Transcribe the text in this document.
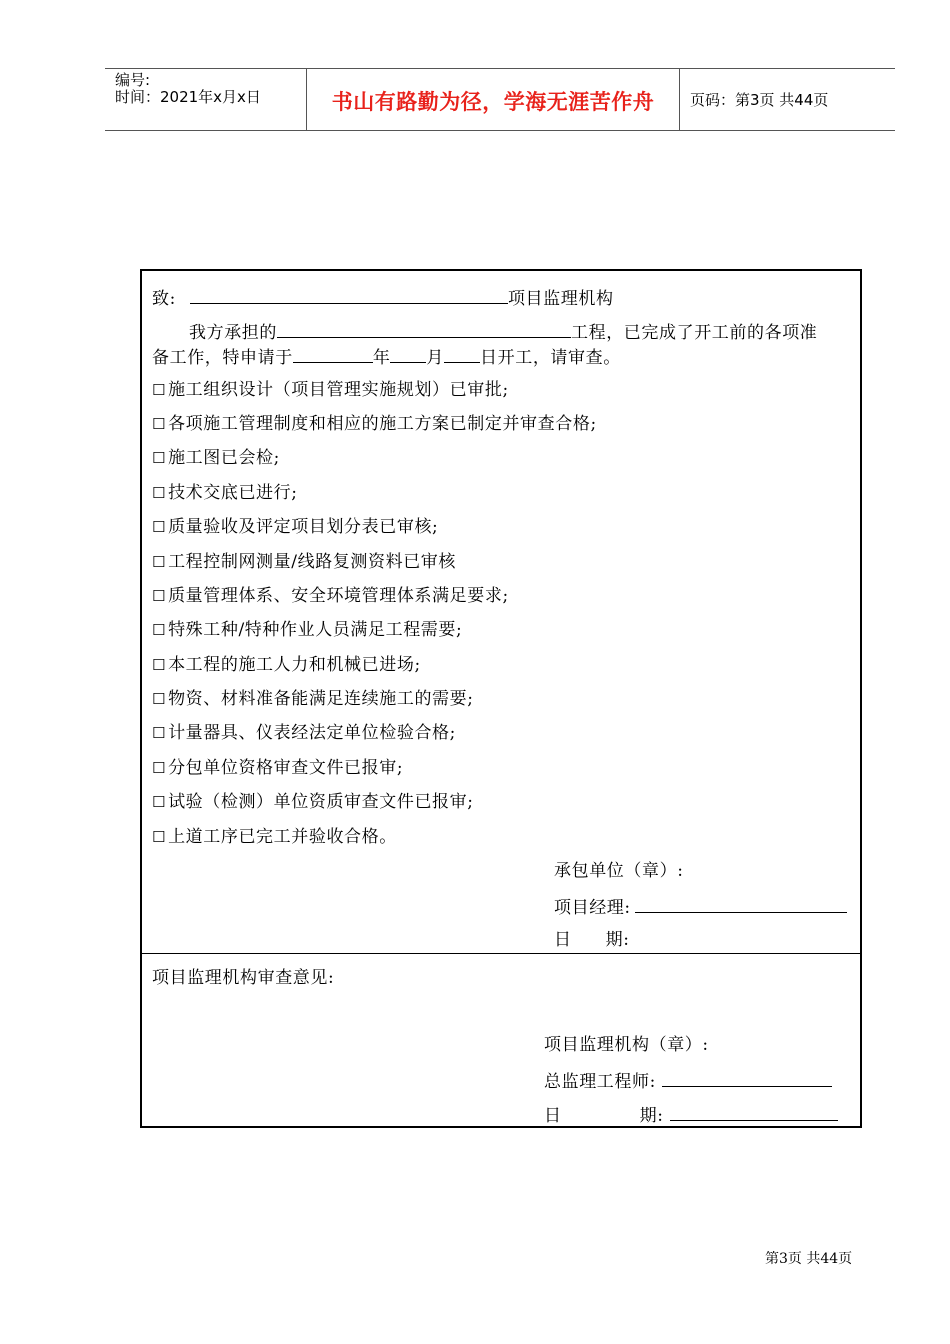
编号:
时间：2021年x月x日	书山有路勤为径，学海无涯苦作舟	页码：第3页 共44页
致:	项目监理机构
我方承担的	工程，已完成了开工前的各项准
备工作，特申请于	年 月 日开工，请审查。
☐ 施工组织设计（项目管理实施规划）已审批;
☐ 各项施工管理制度和相应的施工方案已制定并审查合格;
☐ 施工图已会检;
☐ 技术交底已进行;
☐ 质量验收及评定项目划分表已审核;
☐ 工程控制网测量/线路复测资料已审核
☐ 质量管理体系、安全环境管理体系满足要求;
☐ 特殊工种/特种作业人员满足工程需要;
☐ 本工程的施工人力和机械已进场;
☐ 物资、材料准备能满足连续施工的需要;
☐ 计量器具、仪表经法定单位检验合格;
☐ 分包单位资格审查文件已报审;
☐ 试验（检测）单位资质审查文件已报审;
☐ 上道工序已完工并验收合格。
承包单位（章）:
项目经理:
日 期:
项目监理机构审查意见:
项目监理机构（章）:
总监理工程师:
日	期:
第3页 共44页
